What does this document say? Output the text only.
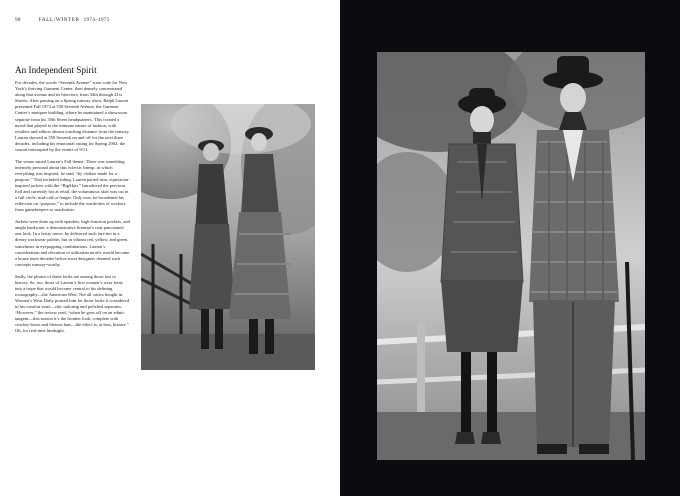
98	FALL/WINTER 1974–1975
An Independent Spirit

For decades, the words “Seventh Avenue” were code for New York’s thriving Garment Center, then densely concentrated along that avenue and its bisectors, from 34th through 41st Streets. After passing on a Spring runway show, Ralph Lauren presented Fall 1974 at 550 Seventh Avenue, the Garment Center’s marquee building, where he maintained a showroom separate from his 35th Street headquarters. This created a mood that played to the intimate nature of fashion, with retailers and editors almost touching distance from the runway. Lauren showed at 550 Seventh on and off for the next three decades, including his emotional outing for Spring 2002, the season interrupted by the events of 9/11.

The venue suited Lauren’s Fall theme. There was something intensely personal about this eclectic lineup, in which everything was inspired, he said, “by clothes made for a purpose.” That included riding. Lauren paired trim, equestrian-inspired jackets with the “BigSkirt.” Introduced the previous Fall and currently hot at retail, the voluminous skirt was cut in a full circle, mid-calf or longer. Only now, he broadened his reflection on “purpose,” to include the wardrobes of workers from gamekeepers to machinists.

Jackets were done up with epaulets, high-function pockets, and ample hardware; a demonstrative fireman’s coat punctuated one look. In a feisty move, he delivered such fare not in a dreary workwear palette, but in vibrant red, yellow, and green, sometimes in eyepopping combinations. Lauren’s consideration and elevation of utilitarian motifs would become a house tenet decades before most designers deemed such concepts runway-worthy.

Sadly, the photos of these looks are among those lost to history. So, too, those of Lauren’s first women’s wear foray into a trope that would become central to his defining iconography—the American West. Not all critics bought in. Women’s Wear Daily praised him for those looks it considered in his comfort zone—chic tailoring and polished separates. “However,” the review read, “when he goes off on an ethnic tangent—this season it’s the frontier look, complete with cowboy boots and Stetson hats—the effect is, at best, bizarre.” Oh, for real-time hindsight.
